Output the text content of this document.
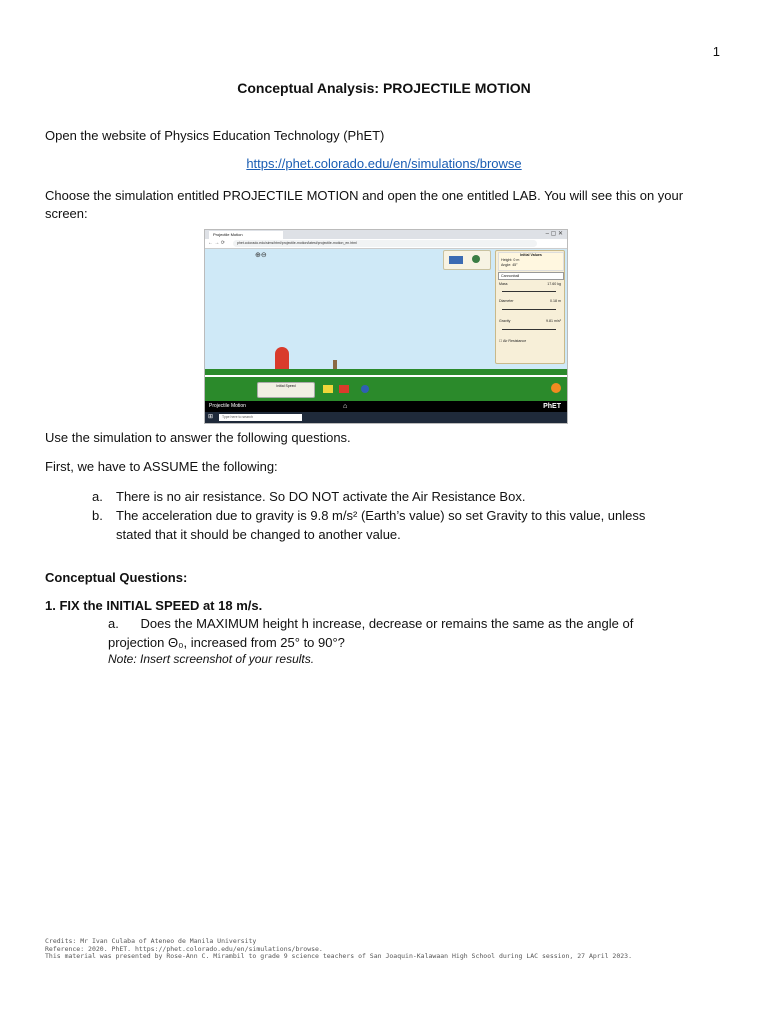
1
Conceptual Analysis: PROJECTILE MOTION
Open the website of Physics Education Technology (PhET)
https://phet.colorado.edu/en/simulations/browse
Choose the simulation entitled PROJECTILE MOTION and open the one entitled LAB. You will see this on your
screen:
Projectile Motion	– ▢ ✕
← → ⟳	phet.colorado.edu/sims/html/projectile-motion/latest/projectile-motion_en.html
⊕⊖	Initial Values
Height: 0 m
Angle: 45°
Cannonball
Mass	17.60 kg
Diameter	0.18 m
Gravity	9.81 m/s²
☐ Air Resistance
Initial Speed
Projectile Motion	⌂	PhET
⊞	Type here to search
Use the simulation to answer the following questions.
First, we have to ASSUME the following:
a. There is no air resistance. So DO NOT activate the Air Resistance Box.
b. The acceleration due to gravity is 9.8 m/s² (Earth’s value) so set Gravity to this value, unless
stated that it should be changed to another value.
Conceptual Questions:
1. FIX the INITIAL SPEED at 18 m/s.
a.      Does the MAXIMUM height h increase, decrease or remains the same as the angle of
projection Θ₀, increased from 25° to 90°?
Note: Insert screenshot of your results.
Credits: Mr Ivan Culaba of Ateneo de Manila University
Reference: 2020. PhET. https://phet.colorado.edu/en/simulations/browse.
This material was presented by Rose-Ann C. Mirambil to grade 9 science teachers of San Joaquin-Kalawaan High School during LAC session, 27 April 2023.
